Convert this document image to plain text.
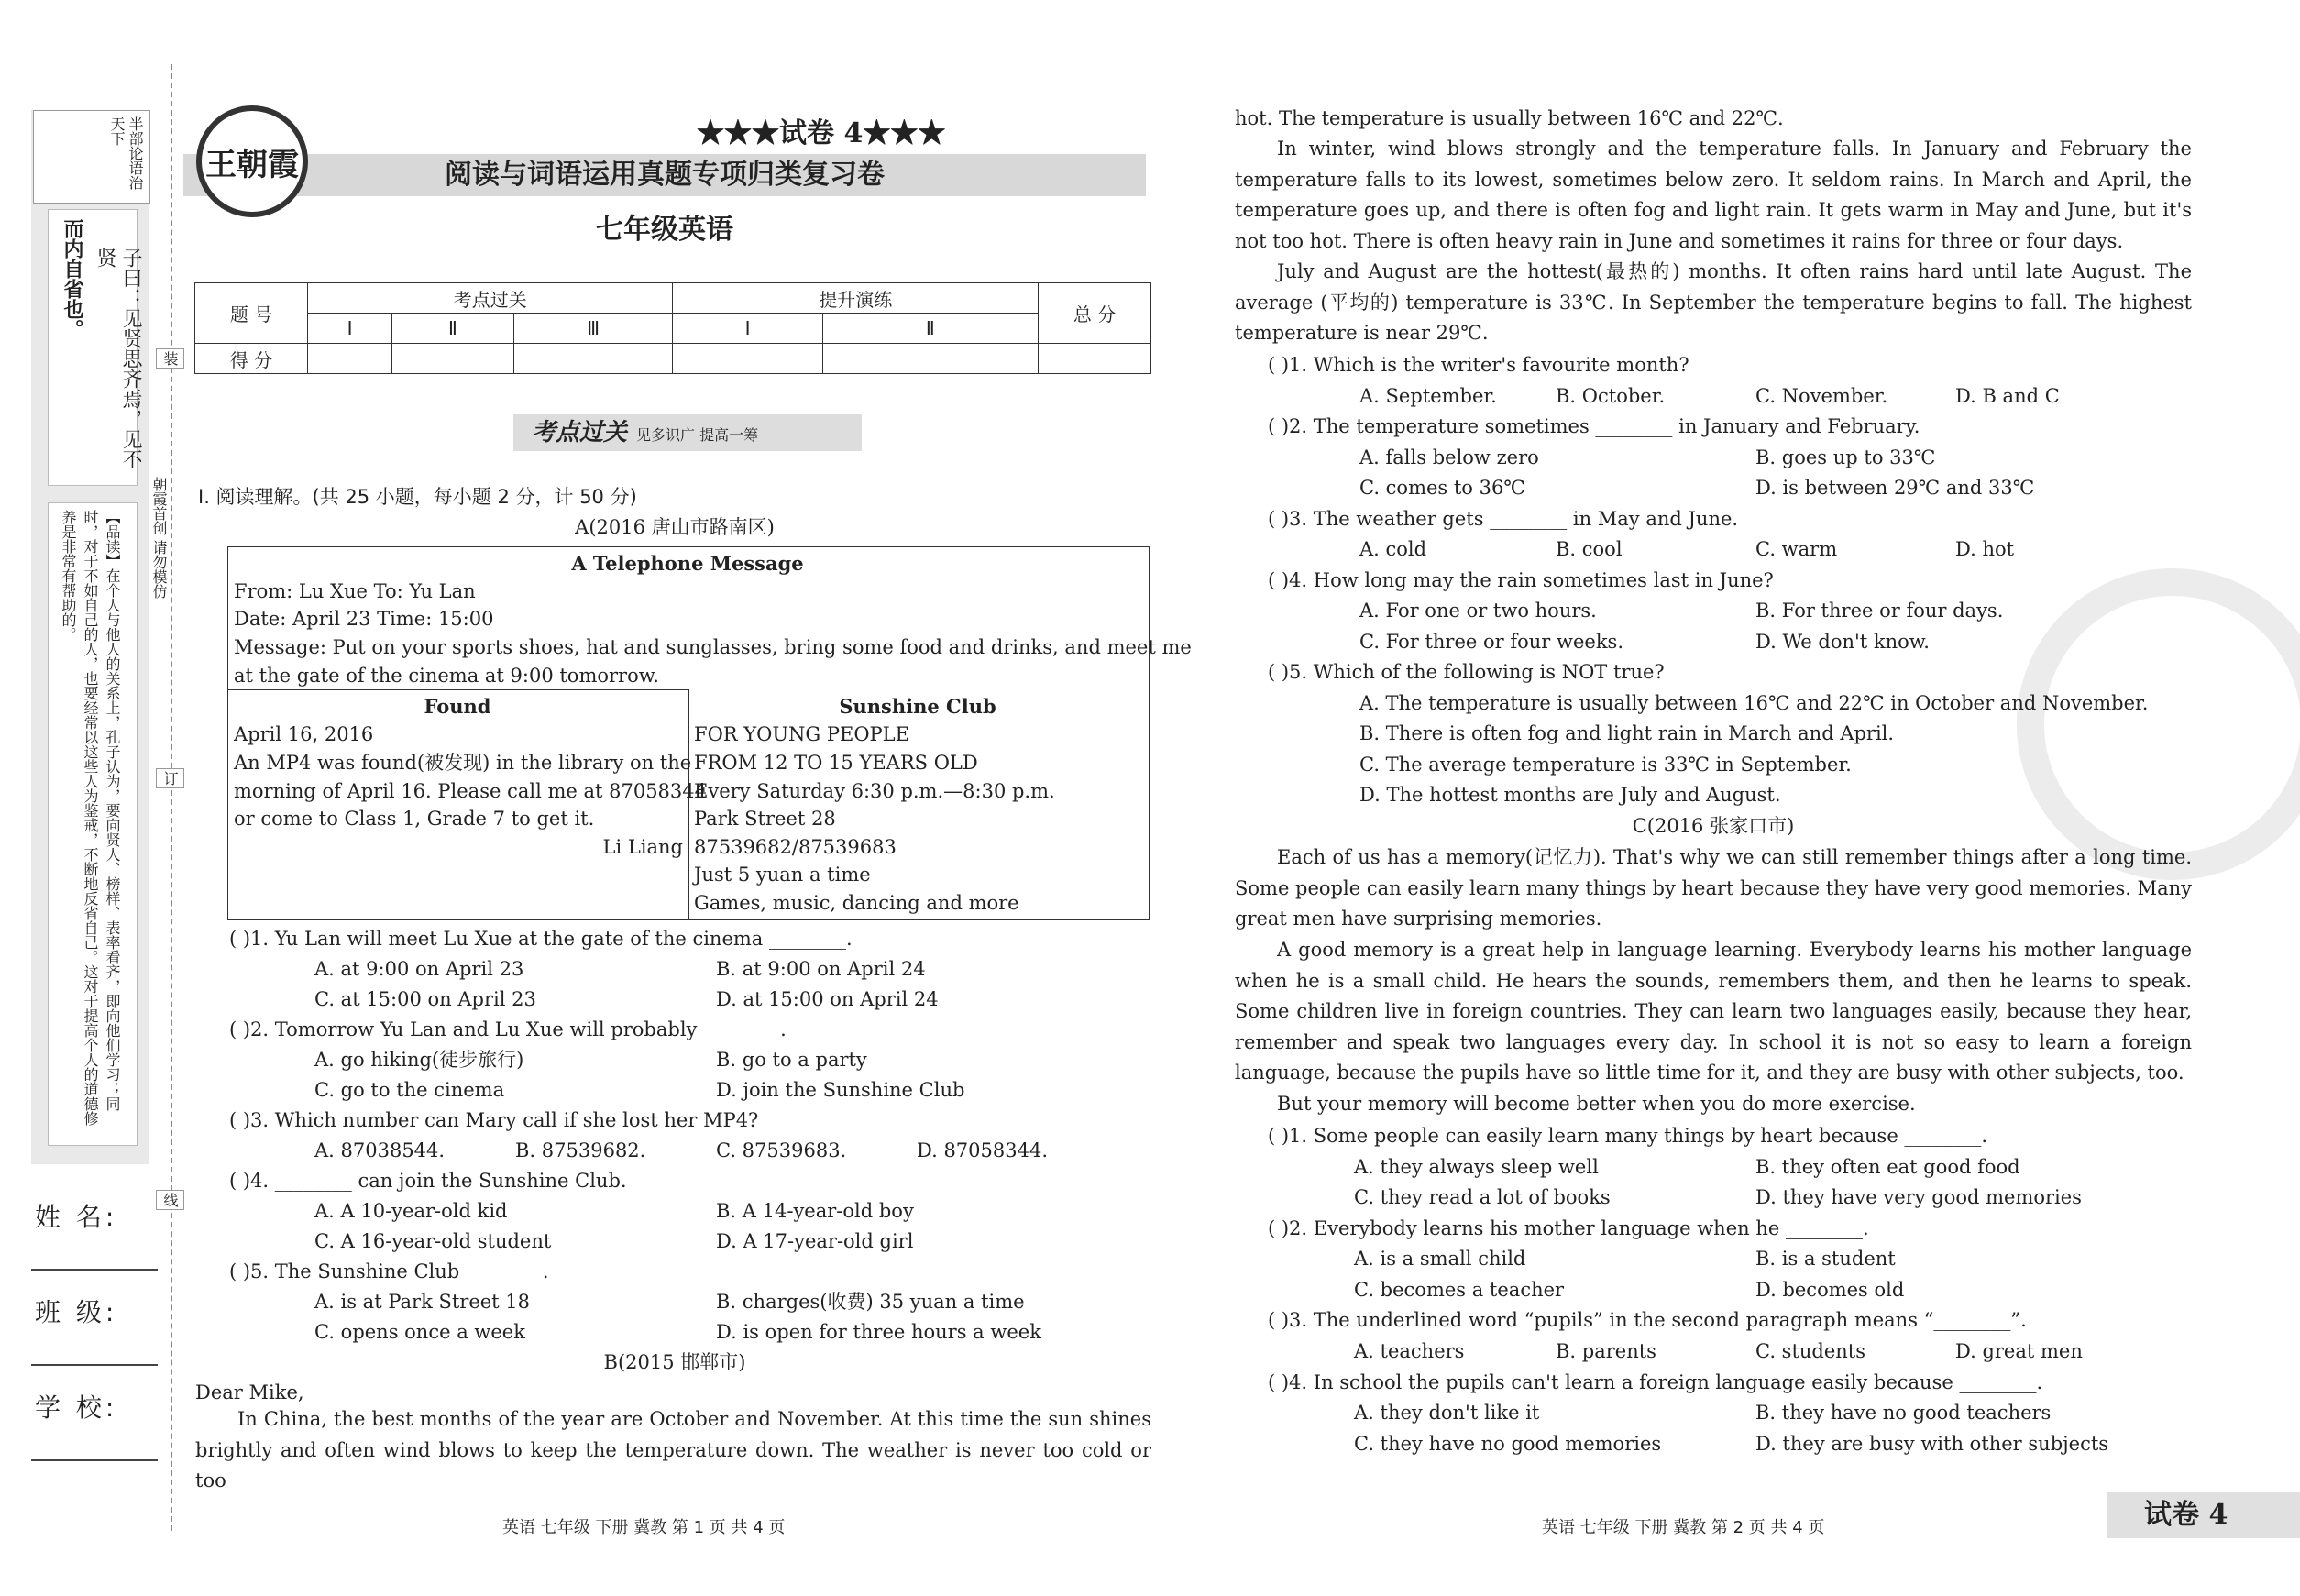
半部论语治天下
子曰：见贤思齐焉，见不贤
而内自省也。
【品读】在个人与他人的关系上，孔子认为，要向贤人、榜样、表率看齐，即向他们学习；同时，对于不如自己的人，也要经常以这些人为鉴戒，不断地反省自己。这对于提高个人的道德修养是非常有帮助的。
装
朝霞首创 请勿模仿
订
线
姓 名:
班 级:
学 校:
王朝霞
★★★试卷 4★★★
阅读与词语运用真题专项归类复习卷
七年级英语
题 号	考点过关			提升演练		总 分
	Ⅰ	Ⅱ	Ⅲ	Ⅰ	Ⅱ	
得 分						
考点过关 见多识广 提高一筹
Ⅰ. 阅读理解。(共 25 小题，每小题 2 分，计 50 分)
A(2016 唐山市路南区)
A Telephone Message
From: Lu Xue To: Yu Lan
Date: April 23 Time: 15:00
Message: Put on your sports shoes, hat and sunglasses, bring some food and drinks, and meet me
at the gate of the cinema at 9:00 tomorrow.
Found
April 16, 2016
An MP4 was found(被发现) in the library on the
morning of April 16. Please call me at 87058344
or come to Class 1, Grade 7 to get it.
Li Liang
Sunshine Club
FOR YOUNG PEOPLE
FROM 12 TO 15 YEARS OLD
Every Saturday 6:30 p.m.—8:30 p.m.
Park Street 28
87539682/87539683
Just 5 yuan a time
Games, music, dancing and more
( )1. Yu Lan will meet Lu Xue at the gate of the cinema ________.
A. at 9:00 on April 23	B. at 9:00 on April 24
C. at 15:00 on April 23	D. at 15:00 on April 24
( )2. Tomorrow Yu Lan and Lu Xue will probably ________.
A. go hiking(徒步旅行)	B. go to a party
C. go to the cinema	D. join the Sunshine Club
( )3. Which number can Mary call if she lost her MP4?
A. 87038544.	B. 87539682.	C. 87539683.	D. 87058344.
( )4. ________ can join the Sunshine Club.
A. A 10-year-old kid	B. A 14-year-old boy
C. A 16-year-old student	D. A 17-year-old girl
( )5. The Sunshine Club ________.
A. is at Park Street 18	B. charges(收费) 35 yuan a time
C. opens once a week	D. is open for three hours a week
B(2015 邯郸市)
Dear Mike,
In China, the best months of the year are October and November. At this time the sun shines brightly and often wind blows to keep the temperature down. The weather is never too cold or too
英语 七年级 下册 冀教 第 1 页 共 4 页
hot. The temperature is usually between 16℃ and 22℃.
In winter, wind blows strongly and the temperature falls. In January and February the temperature falls to its lowest, sometimes below zero. It seldom rains. In March and April, the temperature goes up, and there is often fog and light rain. It gets warm in May and June, but it's not too hot. There is often heavy rain in June and sometimes it rains for three or four days.
July and August are the hottest(最热的) months. It often rains hard until late August. The average (平均的) temperature is 33℃. In September the temperature begins to fall. The highest temperature is near 29℃.
( )1. Which is the writer's favourite month?
A. September.	B. October.	C. November.	D. B and C
( )2. The temperature sometimes ________ in January and February.
A. falls below zero	B. goes up to 33℃
C. comes to 36℃	D. is between 29℃ and 33℃
( )3. The weather gets ________ in May and June.
A. cold	B. cool	C. warm	D. hot
( )4. How long may the rain sometimes last in June?
A. For one or two hours.	B. For three or four days.
C. For three or four weeks.	D. We don't know.
( )5. Which of the following is NOT true?
A. The temperature is usually between 16℃ and 22℃ in October and November.
B. There is often fog and light rain in March and April.
C. The average temperature is 33℃ in September.
D. The hottest months are July and August.
C(2016 张家口市)
Each of us has a memory(记忆力). That's why we can still remember things after a long time. Some people can easily learn many things by heart because they have very good memories. Many great men have surprising memories.
A good memory is a great help in language learning. Everybody learns his mother language when he is a small child. He hears the sounds, remembers them, and then he learns to speak. Some children live in foreign countries. They can learn two languages easily, because they hear, remember and speak two languages every day. In school it is not so easy to learn a foreign language, because the pupils have so little time for it, and they are busy with other subjects, too.
But your memory will become better when you do more exercise.
( )1. Some people can easily learn many things by heart because ________.
A. they always sleep well	B. they often eat good food
C. they read a lot of books	D. they have very good memories
( )2. Everybody learns his mother language when he ________.
A. is a small child	B. is a student
C. becomes a teacher	D. becomes old
( )3. The underlined word “pupils” in the second paragraph means “________”.
A. teachers	B. parents	C. students	D. great men
( )4. In school the pupils can't learn a foreign language easily because ________.
A. they don't like it	B. they have no good teachers
C. they have no good memories	D. they are busy with other subjects
英语 七年级 下册 冀教 第 2 页 共 4 页	试卷 4
